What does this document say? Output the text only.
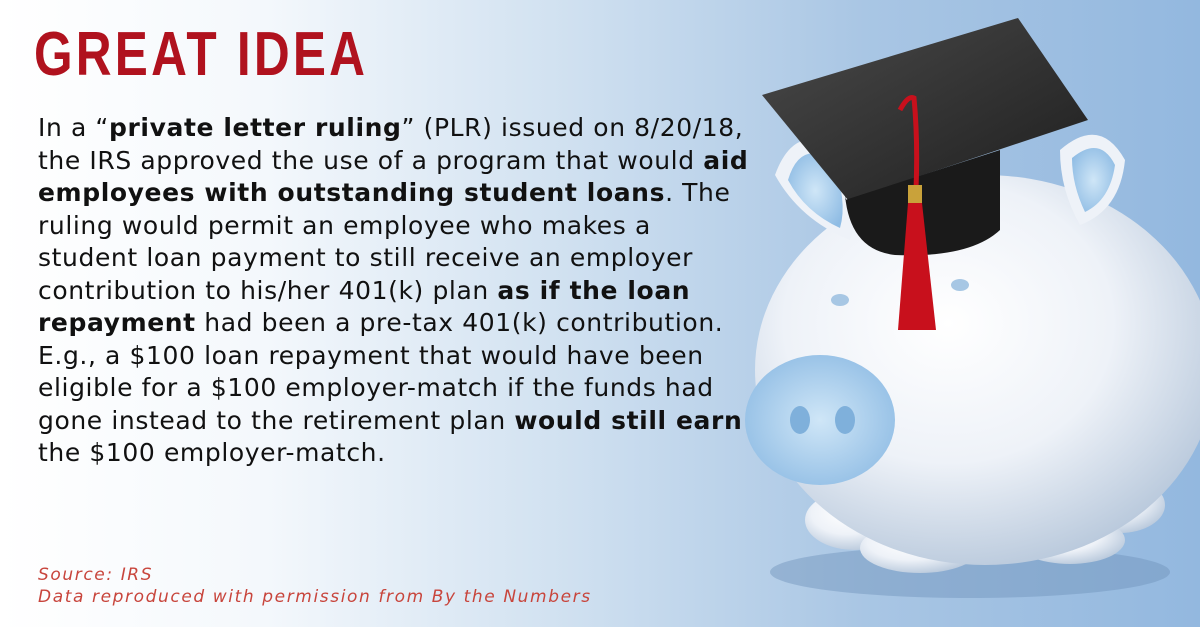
GREAT IDEA

In a “private letter ruling” (PLR) issued on 8/20/18, the IRS approved the use of a program that would aid employees with outstanding student loans. The ruling would permit an employee who makes a student loan payment to still receive an employer contribution to his/her 401(k) plan as if the loan repayment had been a pre-tax 401(k) contribution. E.g., a $100 loan repayment that would have been eligible for a $100 employer-match if the funds had gone instead to the retirement plan would still earn the $100 employer-match.

Source: IRS
Data reproduced with permission from By the Numbers
